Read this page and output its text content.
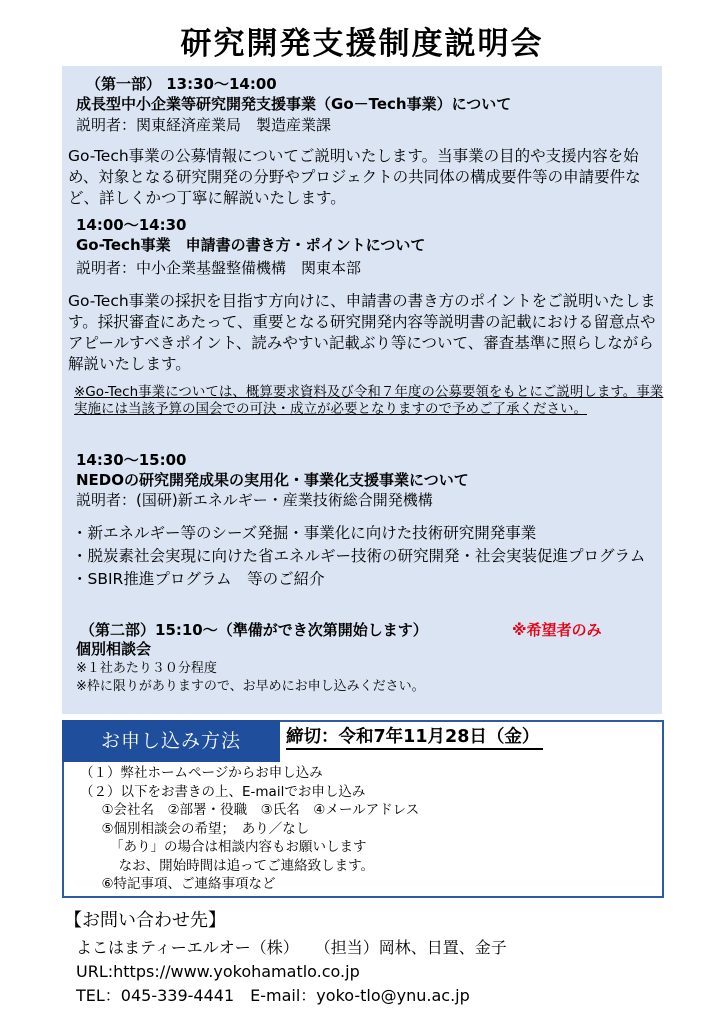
研究開発支援制度説明会
（第一部） 13:30～14:00
成長型中小企業等研究開発支援事業（Go－Tech事業）について
説明者：関東経済産業局　製造産業課
Go-Tech事業の公募情報についてご説明いたします。当事業の目的や支援内容を始め、対象となる研究開発の分野やプロジェクトの共同体の構成要件等の申請要件など、詳しくかつ丁寧に解説いたします。
14:00～14:30
Go-Tech事業　申請書の書き方・ポイントについて
説明者：中小企業基盤整備機構　関東本部
Go-Tech事業の採択を目指す方向けに、申請書の書き方のポイントをご説明いたします。採択審査にあたって、重要となる研究開発内容等説明書の記載における留意点やアピールすべきポイント、読みやすい記載ぶり等について、審査基準に照らしながら解説いたします。
※Go-Tech事業については、概算要求資料及び令和７年度の公募要領をもとにご説明します。事業実施には当該予算の国会での可決・成立が必要となりますので予めご了承ください。
14:30～15:00
NEDOの研究開発成果の実用化・事業化支援事業について
説明者：(国研)新エネルギー・産業技術総合開発機構
・新エネルギー等のシーズ発掘・事業化に向けた技術研究開発事業
・脱炭素社会実現に向けた省エネルギー技術の研究開発・社会実装促進プログラム
・SBIR推進プログラム　等のご紹介
（第二部）15:10～（準備ができ次第開始します）	※希望者のみ
個別相談会
※１社あたり３０分程度
※枠に限りがありますので、お早めにお申し込みください。
お申し込み方法	締切：令和7年11月28日（金）
（１）弊社ホームページからお申し込み
（２）以下をお書きの上、E-mailでお申し込み
①会社名　②部署・役職　③氏名　④メールアドレス
⑤個別相談会の希望；　あり／なし
「あり」の場合は相談内容もお願いします
なお、開始時間は追ってご連絡致します。
⑥特記事項、ご連絡事項など
【お問い合わせ先】
よこはまティーエルオー（株）　　（担当）岡林、日置、金子
URL:https://www.yokohamatlo.co.jp
TEL：045-339-4441　E-mail：yoko-tlo@ynu.ac.jp
